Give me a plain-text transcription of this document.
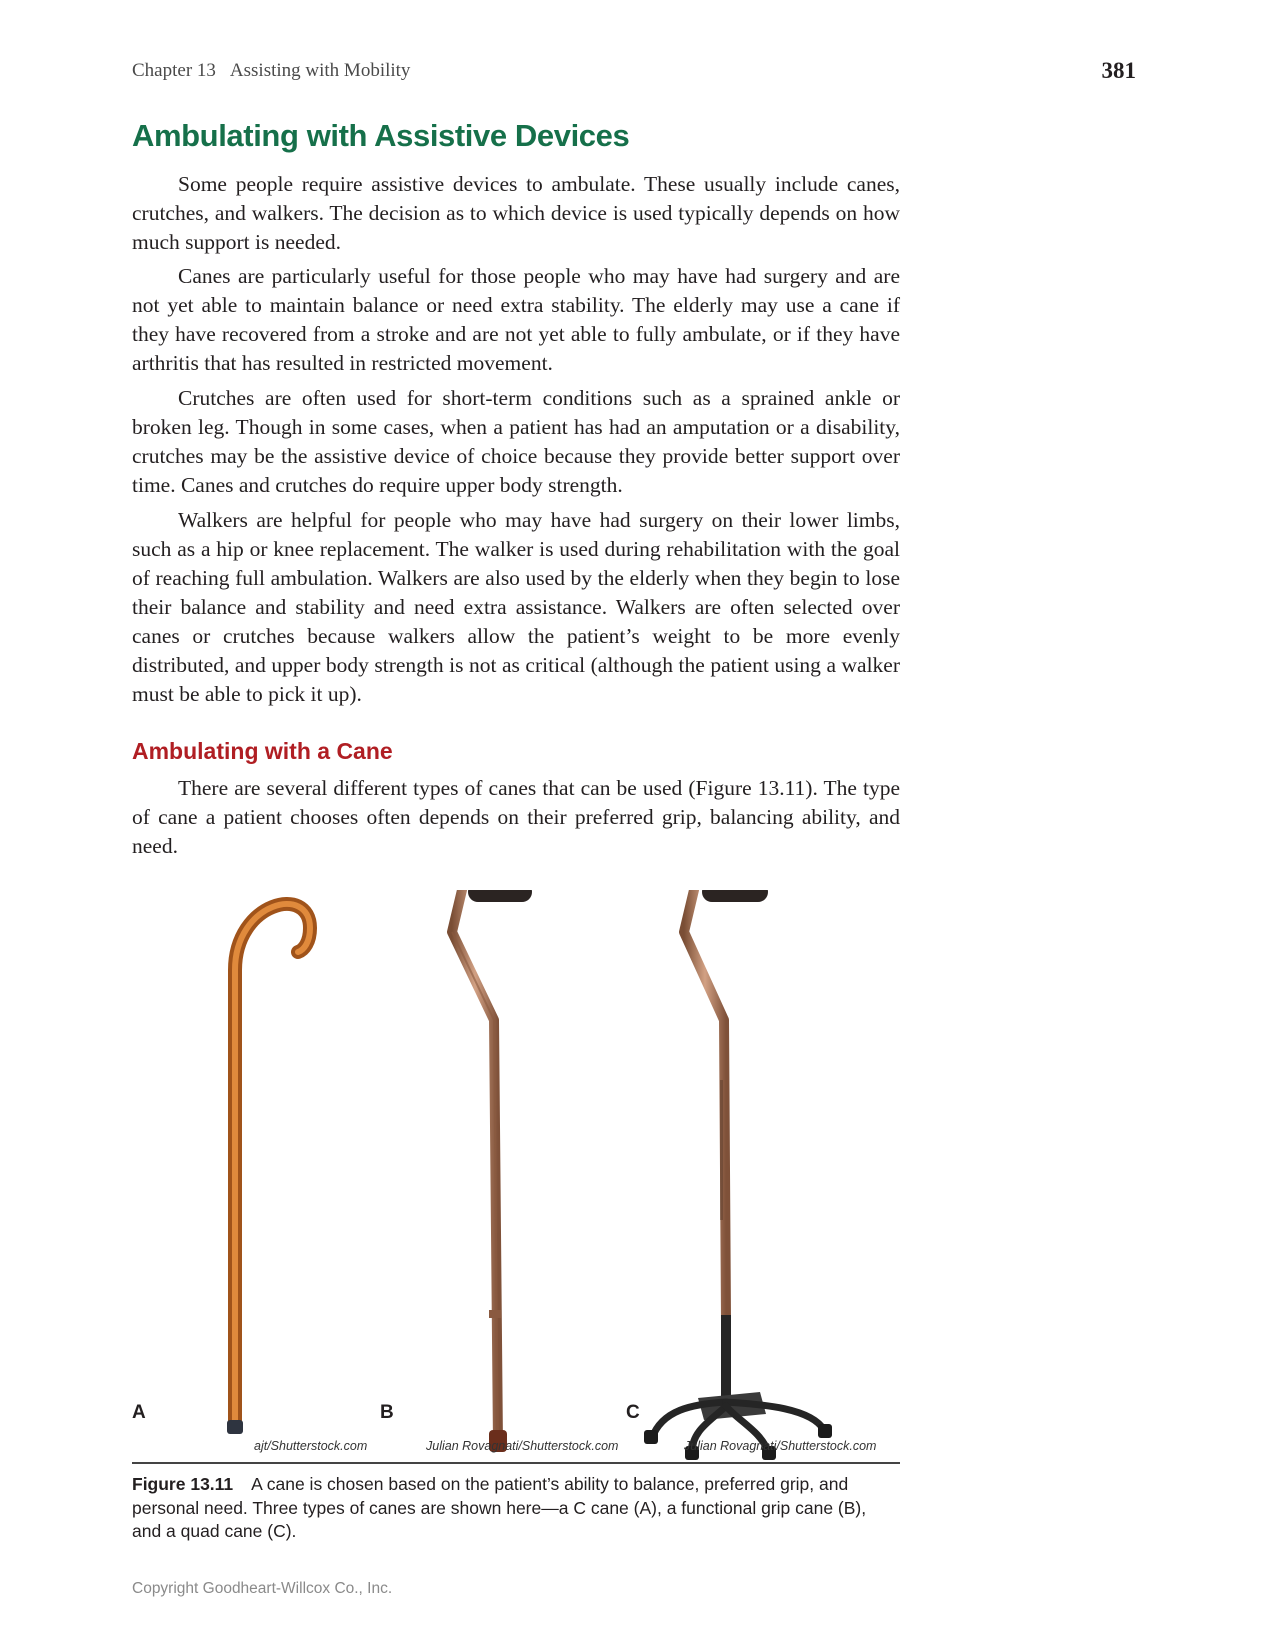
Chapter 13 Assisting with Mobility	381
Ambulating with Assistive Devices

Some people require assistive devices to ambulate. These usually include canes, crutches, and walkers. The decision as to which device is used typically depends on how much support is needed.

Canes are particularly useful for those people who may have had surgery and are not yet able to maintain balance or need extra stability. The elderly may use a cane if they have recovered from a stroke and are not yet able to fully ambulate, or if they have arthritis that has resulted in restricted movement.

Crutches are often used for short-term conditions such as a sprained ankle or broken leg. Though in some cases, when a patient has had an amputation or a disability, crutches may be the assistive device of choice because they provide better support over time. Canes and crutches do require upper body strength.

Walkers are helpful for people who may have had surgery on their lower limbs, such as a hip or knee replacement. The walker is used during rehabilitation with the goal of reaching full ambulation. Walkers are also used by the elderly when they begin to lose their balance and stability and need extra assistance. Walkers are often selected over canes or crutches because walkers allow the patient’s weight to be more evenly distributed, and upper body strength is not as critical (although the patient using a walker must be able to pick it up).

Ambulating with a Cane

There are several different types of canes that can be used (Figure 13.11). The type of cane a patient chooses often depends on their preferred grip, balancing ability, and need.

A	B	C
ajt/Shutterstock.com	Julian Rovagnati/Shutterstock.com	Julian Rovagnati/Shutterstock.com

Figure 13.11 A cane is chosen based on the patient’s ability to balance, preferred grip, and personal need. Three types of canes are shown here—a C cane (A), a functional grip cane (B), and a quad cane (C).

Copyright Goodheart-Willcox Co., Inc.
